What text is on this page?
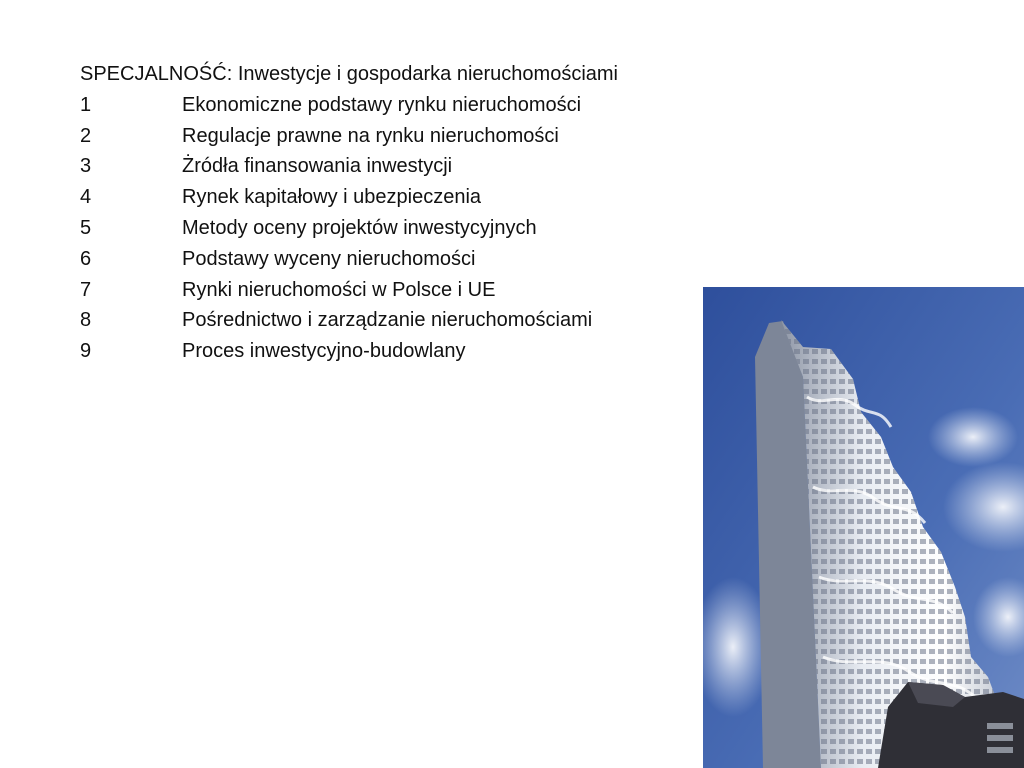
SPECJALNOŚĆ: Inwestycje i gospodarka nieruchomościami
1	Ekonomiczne podstawy rynku nieruchomości
2	Regulacje prawne na rynku nieruchomości
3	Żródła finansowania inwestycji
4	Rynek kapitałowy i ubezpieczenia
5	Metody oceny projektów inwestycyjnych
6	Podstawy wyceny nieruchomości
7	Rynki nieruchomości w Polsce i UE
8	Pośrednictwo i zarządzanie nieruchomościami
9	Proces inwestycyjno-budowlany
